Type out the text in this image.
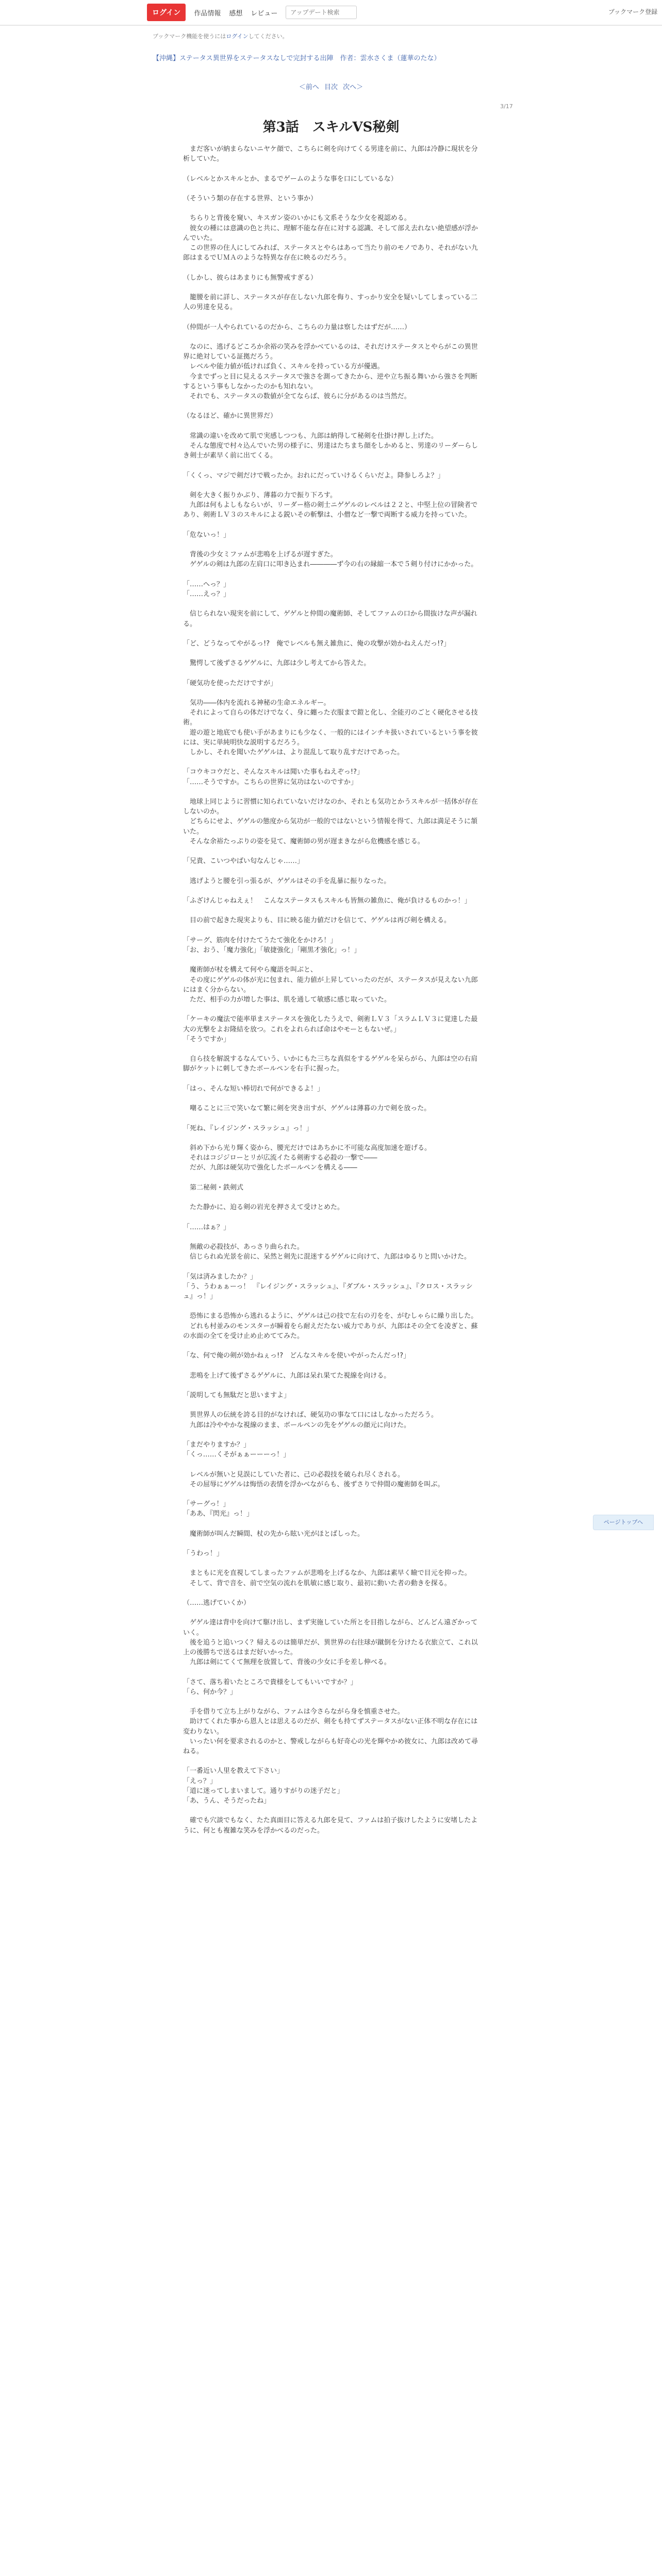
ログイン	作品情報 感想 レビュー
アップデート検索	ブックマーク登録
ブックマーク機能を使うにはログインしてください。
【沖縄】ステータス異世界をステータスなしで完封する出陣　作者：雲水さくま（蓮華のたな）
＜前へ 目次 次へ＞
3/17
第3話　スキルVS秘剣

　まだ客いが納まらないニヤケ顔で、こちらに剣を向けてくる男達を前に、九郎は冷静に現状を分析していた。

（レベルとかスキルとか、まるでゲームのような事を口にしているな）

（そういう類の存在する世界、という事か）

　ちらりと背後を窺い、キスガン姿のいかにも文系そうな少女を視認める。

　彼女の種には意識の色と共に、理解不能な存在に対する認識、そして部え去れない絶望感が浮かんでいた。

　この世界の住人にしてみれば、ステータスとやらはあって当たり前のモノであり、それがない九郎はまるでＵＭＡのような特異な存在に映るのだろう。

（しかし、彼らはあまりにも無警戒すぎる）

　籠腰を前に詳し、ステータスが存在しない九郎を侮り、すっかり安全を疑いしてしまっている二人の男達を見る。

（仲間が一人やられているのだから、こちらの力量は察したはずだが……）

　なのに、逃げるどころか余裕の笑みを浮かべているのは、それだけステータスとやらがこの異世界に絶対している証拠だろう。

　レベルや能力値が低ければ負く、スキルを持っている方が優遇。

　今までずっと目に見えるステータスで強さを測ってきたから、逆や立ち振る舞いから強さを判断するという事もしなかったのかも知れない。

　それでも、ステータスの数値が全てならば、彼らに分があるのは当然だ。

（なるほど、確かに異世界だ）

　常識の違いを改めて肌で実感しつつも、九郎は納得して秘剣を仕掛け押し上げた。

　そんな態度で村々込んでいた男の様子に、男達はたちまち顔をしかめると、男達のリーダーらしき剣士が素早く前に出てくる。

「くくっ、マジで剣だけで戦ったか。おれにだっていけるくらいだよ。降参しろよ？」

　剣を大きく振りかぶり、薄暮の力で振り下ろす。

　九郎は何もよしもならいが、リーダー格の剣士ニゲゲルのレベルは２２と、中堅上位の冒険者であり、剣術ＬＶ３のスキルによる鋭いその斬撃は、小僧など一撃で両断する威力を持っていた。

「危ないっ！」

　背後の少女ミファムが悲鳴を上げるが遅すぎた。

　ゲゲルの剣は九郎の左肩口に叩き込まれ――――ず今の右の縁縮一本で５剣り付けにかかった。

「……へっ？」

「……えっ？」

　信じられない現実を前にして、ゲゲルと仲間の魔術師、そしてファムの口から間抜けな声が漏れる。

「ど、どうなってやがるっ!?　俺でレベルも無え雑魚に、俺の攻撃が効かねえんだっ!?」

　驚愕して後ずさるゲゲルに、九郎は少し考えてから答えた。

「硬気功を使っただけですが」

　気功――体内を流れる神秘の生命エネルギー。

　それによって自らの体だけでなく、身に纏った衣服まで鎧と化し、全能刃のごとく硬化させる技術。

　遊の遊と地底でも使い手があまりにも少なく、一般的にはインチキ扱いされているという事を彼には、実に単純明快な説明するだろう。

　しかし、それを聞いたゲゲルは、より混乱して取り乱すだけであった。

「コウキコウだと、そんなスキルは聞いた事もねえぞっ!?」

「……そうですか。こちらの世界に気功はないのですか」

　地球上同じように習慣に知られていないだけなのか、それとも気功とかうスキルが一括体が存在しないのか。

　どちらにせよ、ゲゲルの態度から気功が一般的ではないという情報を得て、九郎は満足そうに頷いた。

　そんな余裕たっぷりの姿を見て、魔術師の男が遅まきながら危機感を感じる。

「兄貴、こいつやばい匂なんじゃ……」

　逃げようと腰を引っ張るが、ゲゲルはその手を乱暴に振りなった。

「ふざけんじゃねえぇ！　こんなステータスもスキルも皆無の雑魚に、俺が負けるものかっ！」

　目の前で起きた現実よりも、目に映る能力値だけを信じて、ゲゲルは再び剣を構える。

「サーグ、筋肉を付けたてうたて強化をかけろ！」

「お、おう、「魔力強化」「敏捷強化」「剛黒才強化」っ！」

　魔術師が杖を構えて何やら魔語を叫ぶと、

　その度にゲゲルの体が光に包まれ、能力値が上昇していったのだが、ステータスが見えない九郎にはまく分からない。

　ただ、相手の力が増した事は、肌を通して敏感に感じ取っていた。

「ケーキの魔法で能率単まステータスを強化したうえで、剣術ＬＶ３「スラムＬＶ３に覚達した最大の光撃をよお隆結を放つ。これをよれられば命はやモーともないぜ。」

「そうですか」

　自ら技を解説するなんていう、いかにもた三ちな真似をするゲゲルを呆らがら、九郎は空の右肩脚がケットに刺してきたボールペンを右手に握った。

「はっ、そんな短い棒切れで何ができるよ！」

　嘲ることに三で笑いなて繁に剣を突き出すが、ゲゲルは薄暮の力で剣を放った。

「死ね、『レイジング・スラッシュ』っ！」

　斜め下から光り輝く姿から、腰光だけではあちかに不可能な高度加速を遊げる。

　それはコジジローとリが広流イたる剣術する必殺の一撃で――

　だが、九郎は硬気功で強化したボールペンを構える――

　第二秘剣・鉄剣式

　たた静かに、迫る剣の岩光を押さえて受けとめた。

「……はぁ？」

　無敵の必殺技が、あっさり曲られた。

　信じられぬ光景を前に、呆然と剣先に混迷するゲゲルに向けて、九郎はゆるりと問いかけた。

「気は済みましたか？」

「う、うわぁぁーっ！　『レイジング・スラッシュ』、『ダブル・スラッシュ』、『クロス・スラッシュ』っ！」

　恐怖にまる恐怖から逃れるように、ゲゲルは己の技で左右の刃をを、がむしゃらに繰り出した。

　どれも村並みのモンスターが瞬着をら耐えだたない威力でありが、九郎はその全てを凌ぎと、蘇の水面の全てを受け止め止めててみた。

「な、何で俺の剣が効かねぇっ!?　どんなスキルを使いやがったんだっ!?」

　悲鳴を上げて後ずさるゲゲルに、九郎は呆れ果てた視線を向ける。

「説明しても無駄だと思いますよ」

　異世界人の伝統を誇る目的がなければ、硬気功の事なて口にはしなかっただろう。

　九郎は冷ややかな視線のまま、ボールペンの先をゲゲルの顔元に向けた。

「まだやりますか？」

「くっ……くそがぁぁーーーっ！」

　レベルが無いと見誤にしていた者に、己の必殺技を破られ尽くされる。

　その屈辱にゲゲルは悔悟の表情を浮かべながらも、後ずさりで仲間の魔術師を叫ぶ。

「サーグっ！」

「ああ、『閃光』っ！」

　魔術師が叫んだ瞬間、杖の先から眩い光がほとばしった。

「うわっ！」

　まともに光を直視してしまったファムが悲鳴を上げるなか、九郎は素早く瞼で目元を抑った。

　そして、背で音を、前で空気の流れを肌敏に感じ取り、最初に動いた者の動きを探る。

（……逃げていくか）

　ゲゲル達は背中を向けて駆け出し、まず実施していた所とを目指しながら、どんどん遠ざかっていく。

　後を追うと追いつく？帰えるのは簡単だが、異世界の右往球が蹴倒を分けたる衣旅立て、これ以上の後勝ちで送るはまだ好いかった。

　九郎は剣にてくて無理を放置して、背後の少女に手を差し伸べる。

「さて、落ち着いたところで貴様をしてもいいですか？」

「ら、何か今？」

　手を借りて立ち上がりながら、ファムは今さらながら身を慎重させた。

　助けてくれた事から恩人とは思えるのだが、剣をも持てずステータスがない正体不明な存在には変わりない。

　いったい何を要求されるのかと、警戒しながらも好奇心の光を輝やかめ彼女に、九郎は改めて尋ねる。

「一番近い人里を教えて下さい」

「えっ？」

「道に迷ってしまいまして。通りすがりの迷子だと」

「あ、うん、そうだったね」

　確でも穴談でもなく、たた真面目に答える九郎を見て、ファムは拍子抜けしたように安堵したように、何とも複雑な笑みを浮かべるのだった。

ページトップへ
